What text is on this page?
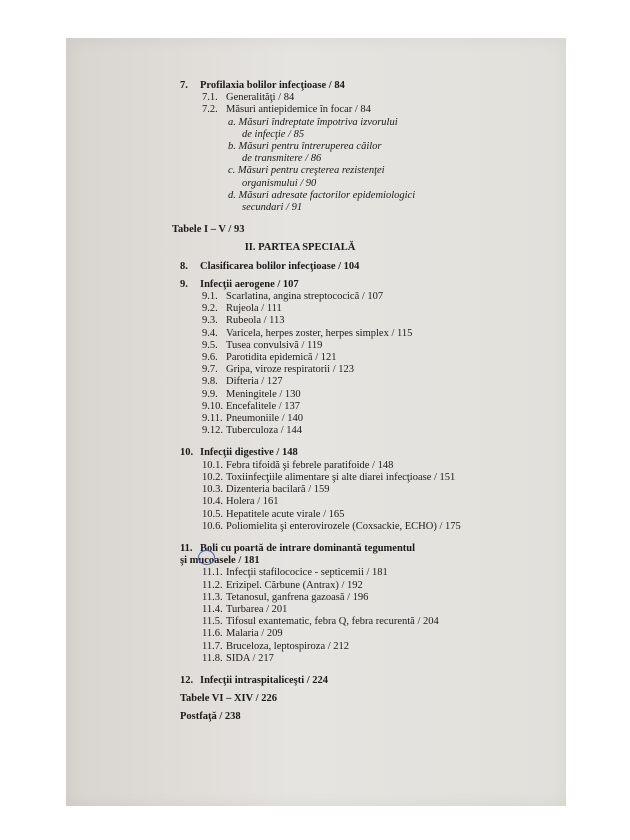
7. Profilaxia bolilor infecţioase / 84
7.1. Generalităţi / 84
7.2. Măsuri antiepidemice în focar / 84
a. Măsuri îndreptate împotriva izvorului
de infecţie / 85
b. Măsuri pentru întreruperea căilor
de transmitere / 86
c. Măsuri pentru creşterea rezistenţei
organismului / 90
d. Măsuri adresate factorilor epidemiologici
secundari / 91
Tabele I – V / 93
II. PARTEA SPECIALĂ
8. Clasificarea bolilor infecţioase / 104
9. Infecţii aerogene / 107
9.1. Scarlatina, angina streptococică / 107
9.2. Rujeola / 111
9.3. Rubeola / 113
9.4. Varicela, herpes zoster, herpes simplex / 115
9.5. Tusea convulsivă / 119
9.6. Parotidita epidemică / 121
9.7. Gripa, viroze respiratorii / 123
9.8. Difteria / 127
9.9. Meningitele / 130
9.10. Encefalitele / 137
9.11. Pneumoniile / 140
9.12. Tuberculoza / 144
10. Infecţii digestive / 148
10.1. Febra tifoidă şi febrele paratifoide / 148
10.2. Toxiinfecţiile alimentare şi alte diarei infecţioase / 151
10.3. Dizenteria bacilară / 159
10.4. Holera / 161
10.5. Hepatitele acute virale / 165
10.6. Poliomielita şi enterovirozele (Coxsackie, ECHO) / 175
11. Boli cu poartă de intrare dominantă tegumentul
şi mucoasele / 181
11.1. Infecţii stafilococice - septicemii / 181
11.2. Erizipel. Cărbune (Antrax) / 192
11.3. Tetanosul, ganfrena gazoasă / 196
11.4. Turbarea / 201
11.5. Tifosul exantematic, febra Q, febra recurentă / 204
11.6. Malaria / 209
11.7. Bruceloza, leptospiroza / 212
11.8. SIDA / 217
12. Infecţii intraspitaliceşti / 224
Tabele VI – XIV / 226
Postfaţă / 238
